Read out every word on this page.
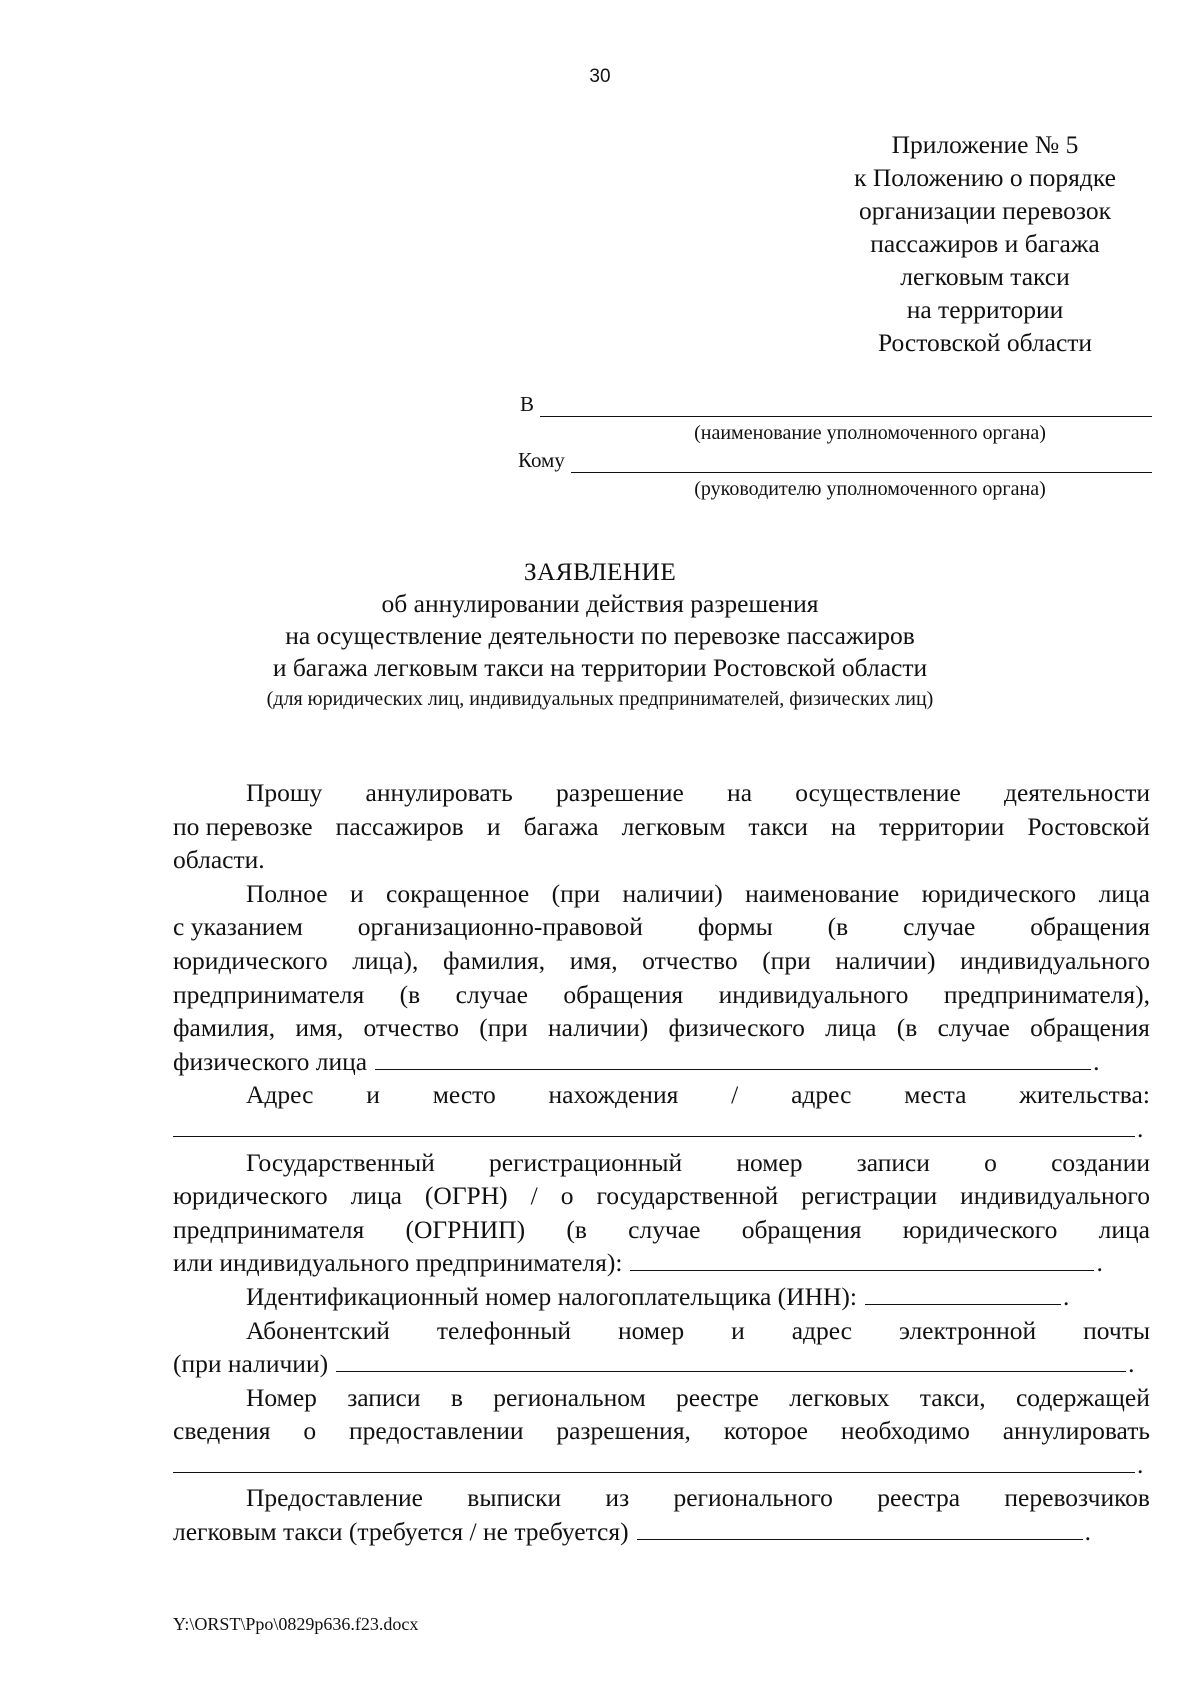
30
Приложение № 5
к Положению о порядке
организации перевозок
пассажиров и багажа
легковым такси
на территории
Ростовской области
В
(наименование уполномоченного органа)
Кому
(руководителю уполномоченного органа)
ЗАЯВЛЕНИЕ
об аннулировании действия разрешения
на осуществление деятельности по перевозке пассажиров
и багажа легковым такси на территории Ростовской области
(для юридических лиц, индивидуальных предпринимателей, физических лиц)
Прошу аннулировать разрешение на осуществление деятельности
по перевозке пассажиров и багажа легковым такси на территории Ростовской
области.
Полное и сокращенное (при наличии) наименование юридического лица
с указанием организационно-правовой формы (в случае обращения
юридического лица), фамилия, имя, отчество (при наличии) индивидуального
предпринимателя (в случае обращения индивидуального предпринимателя),
фамилия, имя, отчество (при наличии) физического лица (в случае обращения
физического лица	.
Адрес и место нахождения / адрес места жительства:
.
Государственный регистрационный номер записи о создании
юридического лица (ОГРН) / о государственной регистрации индивидуального
предпринимателя (ОГРНИП) (в случае обращения юридического лица
или индивидуального предпринимателя):	.
Идентификационный номер налогоплательщика (ИНН):	.
Абонентский телефонный номер и адрес электронной почты
(при наличии)	.
Номер записи в региональном реестре легковых такси, содержащей
сведения о предоставлении разрешения, которое необходимо аннулировать
.
Предоставление выписки из регионального реестра перевозчиков
легковым такси (требуется / не требуется)	.
Y:\ORST\Ppo\0829p636.f23.docx
